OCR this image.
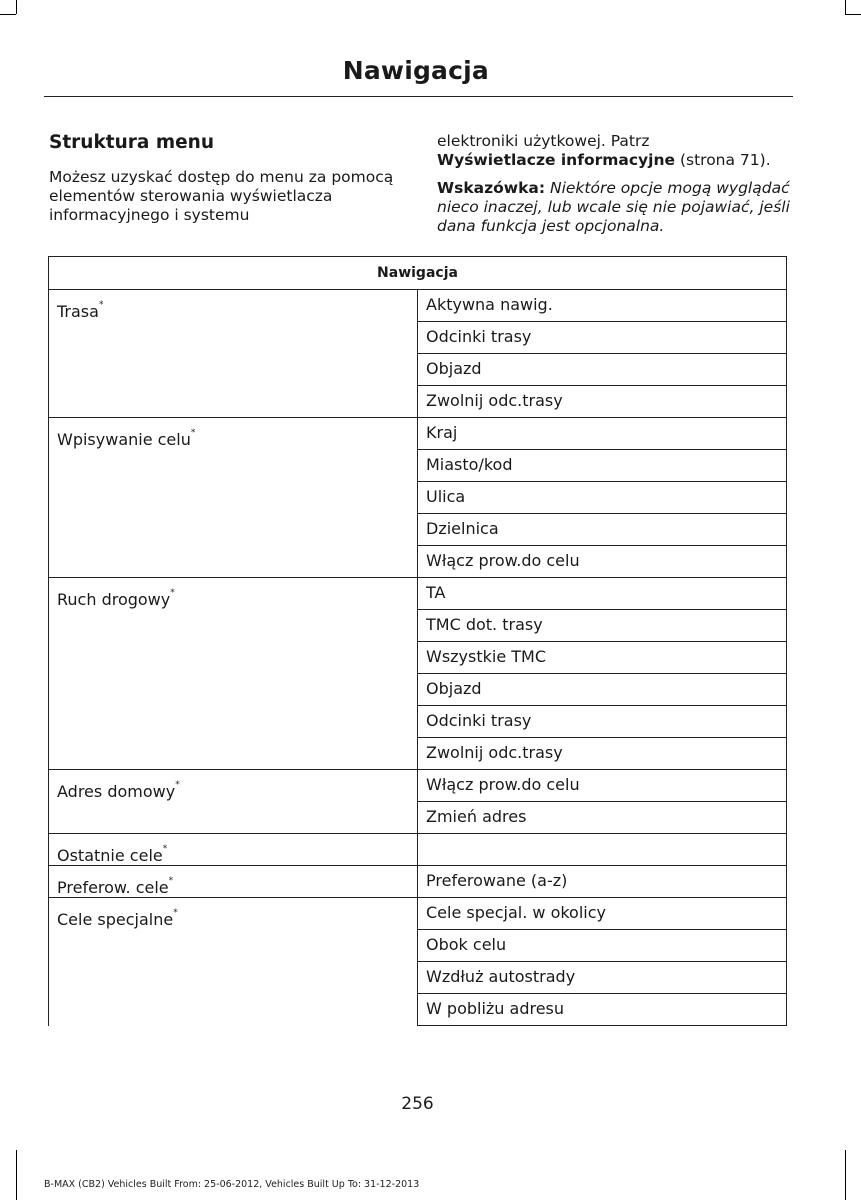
Nawigacja
Struktura menu
Możesz uzyskać dostęp do menu za pomocą elementów sterowania wyświetlacza informacyjnego i systemu
elektroniki użytkowej. Patrz
Wyświetlacze informacyjne (strona 71).
Wskazówka: Niektóre opcje mogą wyglądać nieco inaczej, lub wcale się nie pojawiać, jeśli dana funkcja jest opcjonalna.
Nawigacja	
Trasa*	Aktywna nawig.
	Odcinki trasy
	Objazd
	Zwolnij odc.trasy
Wpisywanie celu*	Kraj
	Miasto/kod
	Ulica
	Dzielnica
	Włącz prow.do celu
Ruch drogowy*	TA
	TMC dot. trasy
	Wszystkie TMC
	Objazd
	Odcinki trasy
	Zwolnij odc.trasy
Adres domowy*	Włącz prow.do celu
	Zmień adres
Ostatnie cele*	
Preferow. cele*	Preferowane (a-z)
Cele specjalne*	Cele specjal. w okolicy
	Obok celu
	Wzdłuż autostrady
	W pobliżu adresu
256
B-MAX (CB2) Vehicles Built From: 25-06-2012, Vehicles Built Up To: 31-12-2013
